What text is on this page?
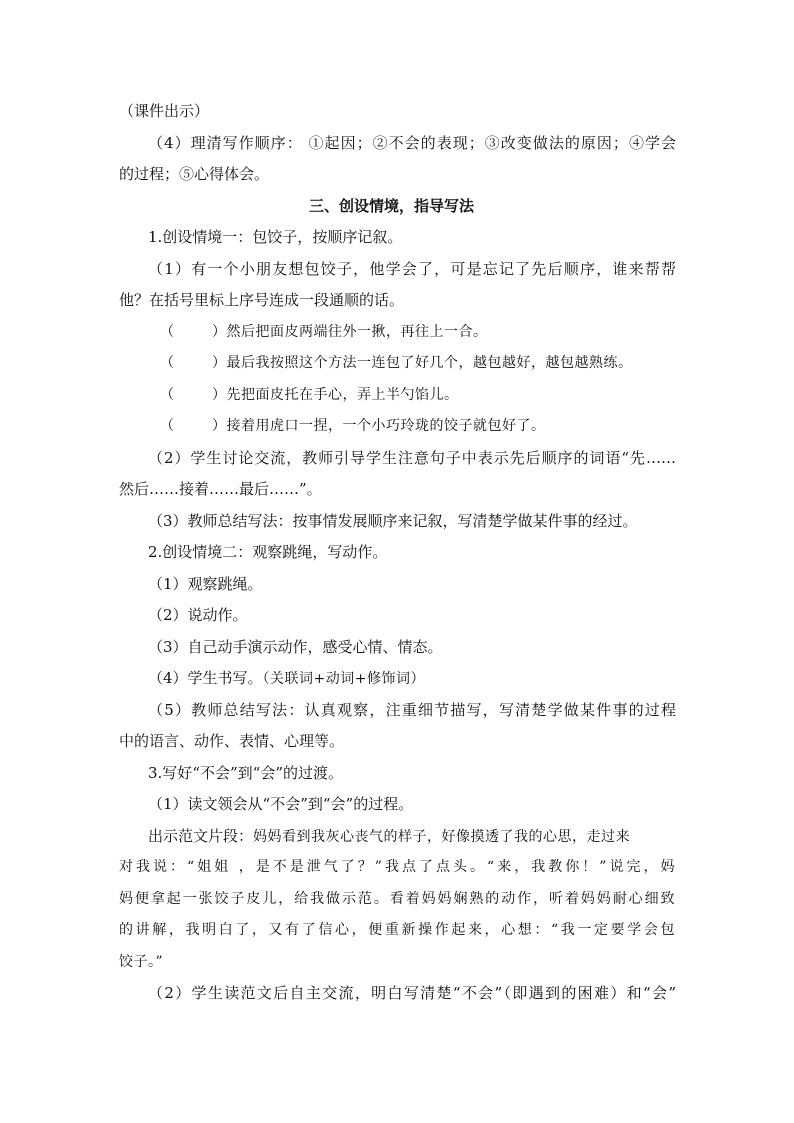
（课件出示）
（4）理清写作顺序： ①起因；②不会的表现；③改变做法的原因；④学会
的过程；⑤心得体会。
三、创设情境，指导写法
1.创设情境一：包饺子，按顺序记叙。
（1）有一个小朋友想包饺子，他学会了，可是忘记了先后顺序，谁来帮帮
他？在括号里标上序号连成一段通顺的话。
（	）然后把面皮两端往外一揪，再往上一合。
（	）最后我按照这个方法一连包了好几个，越包越好，越包越熟练。
（	）先把面皮托在手心，弄上半勺馅儿。
（	）接着用虎口一捏，一个小巧玲珑的饺子就包好了。
（2）学生讨论交流，教师引导学生注意句子中表示先后顺序的词语“先……
然后……接着……最后……”。
（3）教师总结写法：按事情发展顺序来记叙，写清楚学做某件事的经过。
2.创设情境二：观察跳绳，写动作。
（1）观察跳绳。
（2）说动作。
（3）自己动手演示动作，感受心情、情态。
（4）学生书写。（关联词+动词+修饰词）
（5）教师总结写法：认真观察，注重细节描写，写清楚学做某件事的过程
中的语言、动作、表情、心理等。
3.写好“不会”到“会”的过渡。
（1）读文领会从“不会”到“会”的过程。
出示范文片段：妈妈看到我灰心丧气的样子，好像摸透了我的心思，走过来
对我说：“姐姐 ，是不是泄气了？”我点了点头。“来，我教你！”说完，妈
妈便拿起一张饺子皮儿，给我做示范。看着妈妈娴熟的动作，听着妈妈耐心细致
的讲解，我明白了，又有了信心，便重新操作起来，心想：“我一定要学会包
饺子。”
（2）学生读范文后自主交流，明白写清楚“不会”（即遇到的困难）和“会”
